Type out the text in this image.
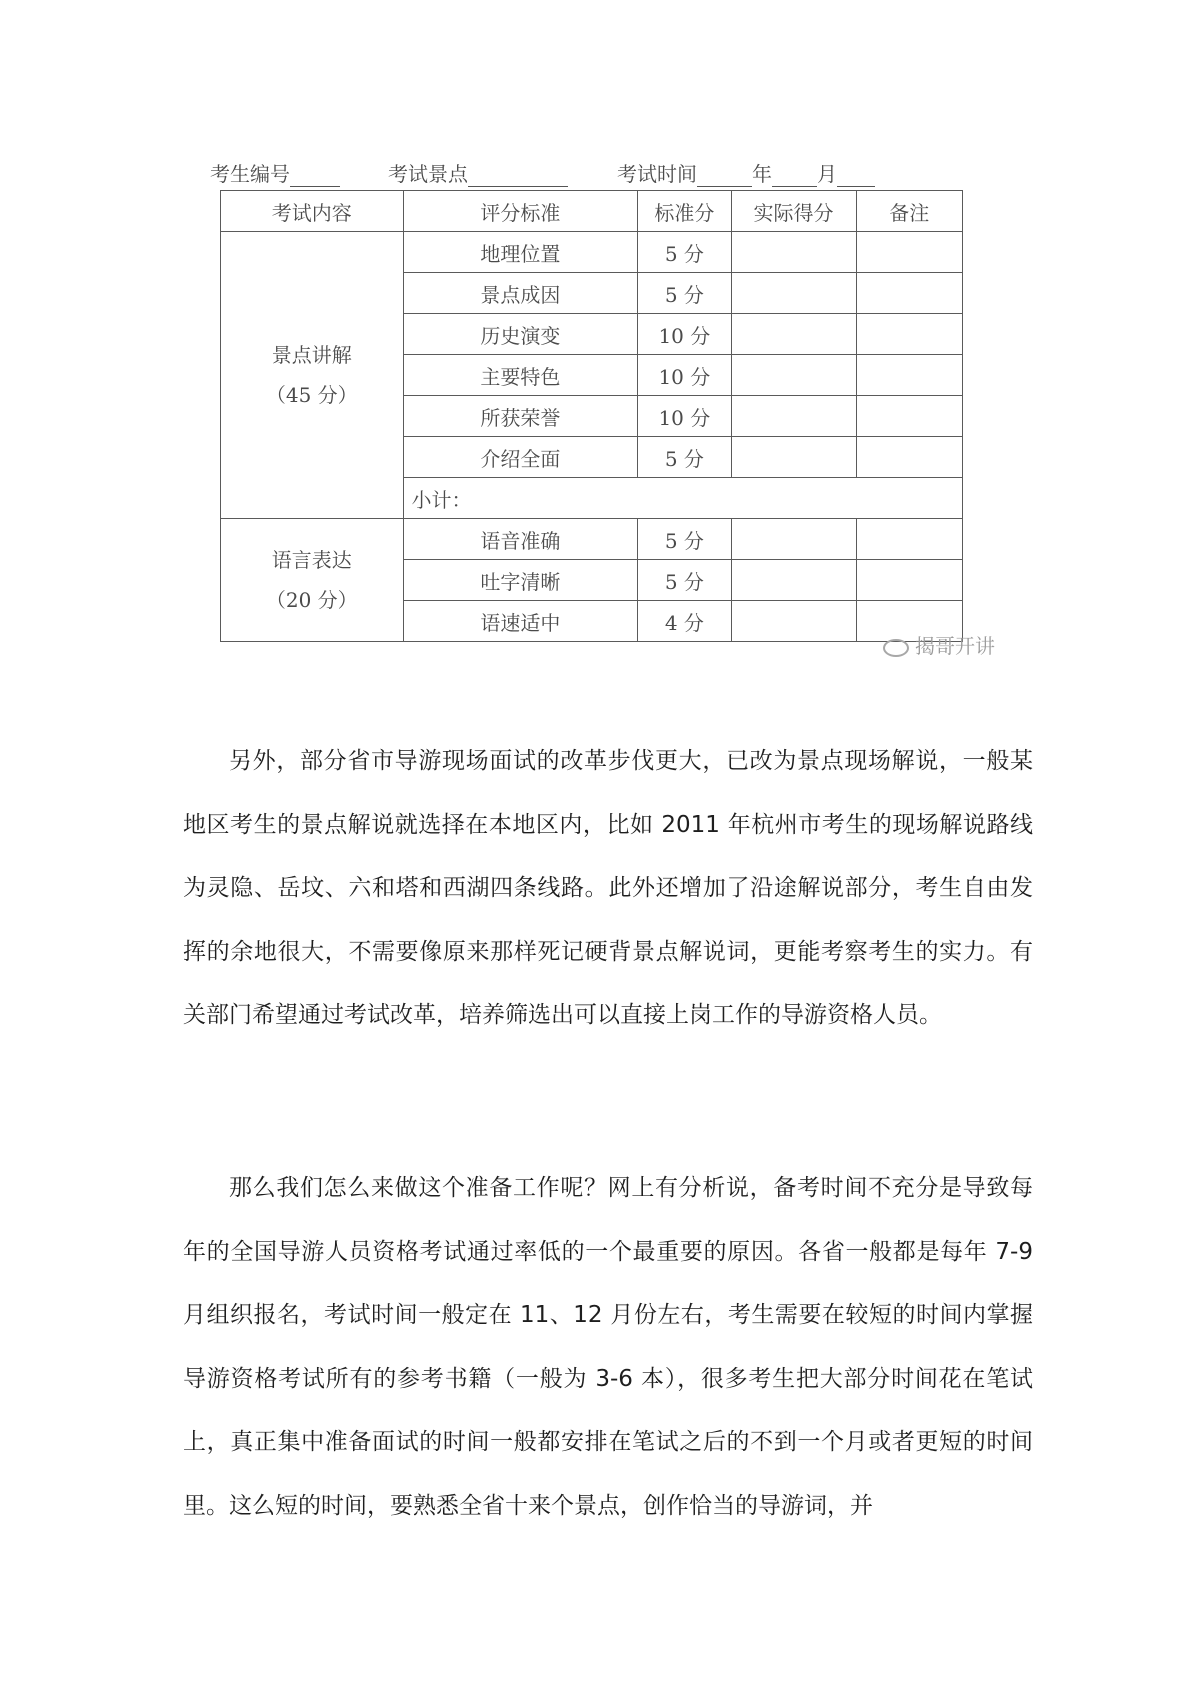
考生编号	考试景点	考试时间	年 月
考试内容	评分标准	标准分	实际得分	备注

景点讲解
（45 分）	地理位置	5 分		
	景点成因	5 分		
	历史演变	10 分		
	主要特色	10 分		
	所获荣誉	10 分		
	介绍全面	5 分		
	小计：			

语言表达
（20 分）	语音准确	5 分		
	吐字清晰	5 分		
	语速适中	4 分		
揭哥开讲

另外，部分省市导游现场面试的改革步伐更大，已改为景点现场解说，一般某地区考生的景点解说就选择在本地区内，比如 2011 年杭州市考生的现场解说路线为灵隐、岳坟、六和塔和西湖四条线路。此外还增加了沿途解说部分，考生自由发挥的余地很大，不需要像原来那样死记硬背景点解说词，更能考察考生的实力。有关部门希望通过考试改革，培养筛选出可以直接上岗工作的导游资格人员。

那么我们怎么来做这个准备工作呢？网上有分析说，备考时间不充分是导致每年的全国导游人员资格考试通过率低的一个最重要的原因。各省一般都是每年 7-9 月组织报名，考试时间一般定在 11、12 月份左右，考生需要在较短的时间内掌握导游资格考试所有的参考书籍（一般为 3-6 本），很多考生把大部分时间花在笔试上，真正集中准备面试的时间一般都安排在笔试之后的不到一个月或者更短的时间里。这么短的时间，要熟悉全省十来个景点，创作恰当的导游词，并
